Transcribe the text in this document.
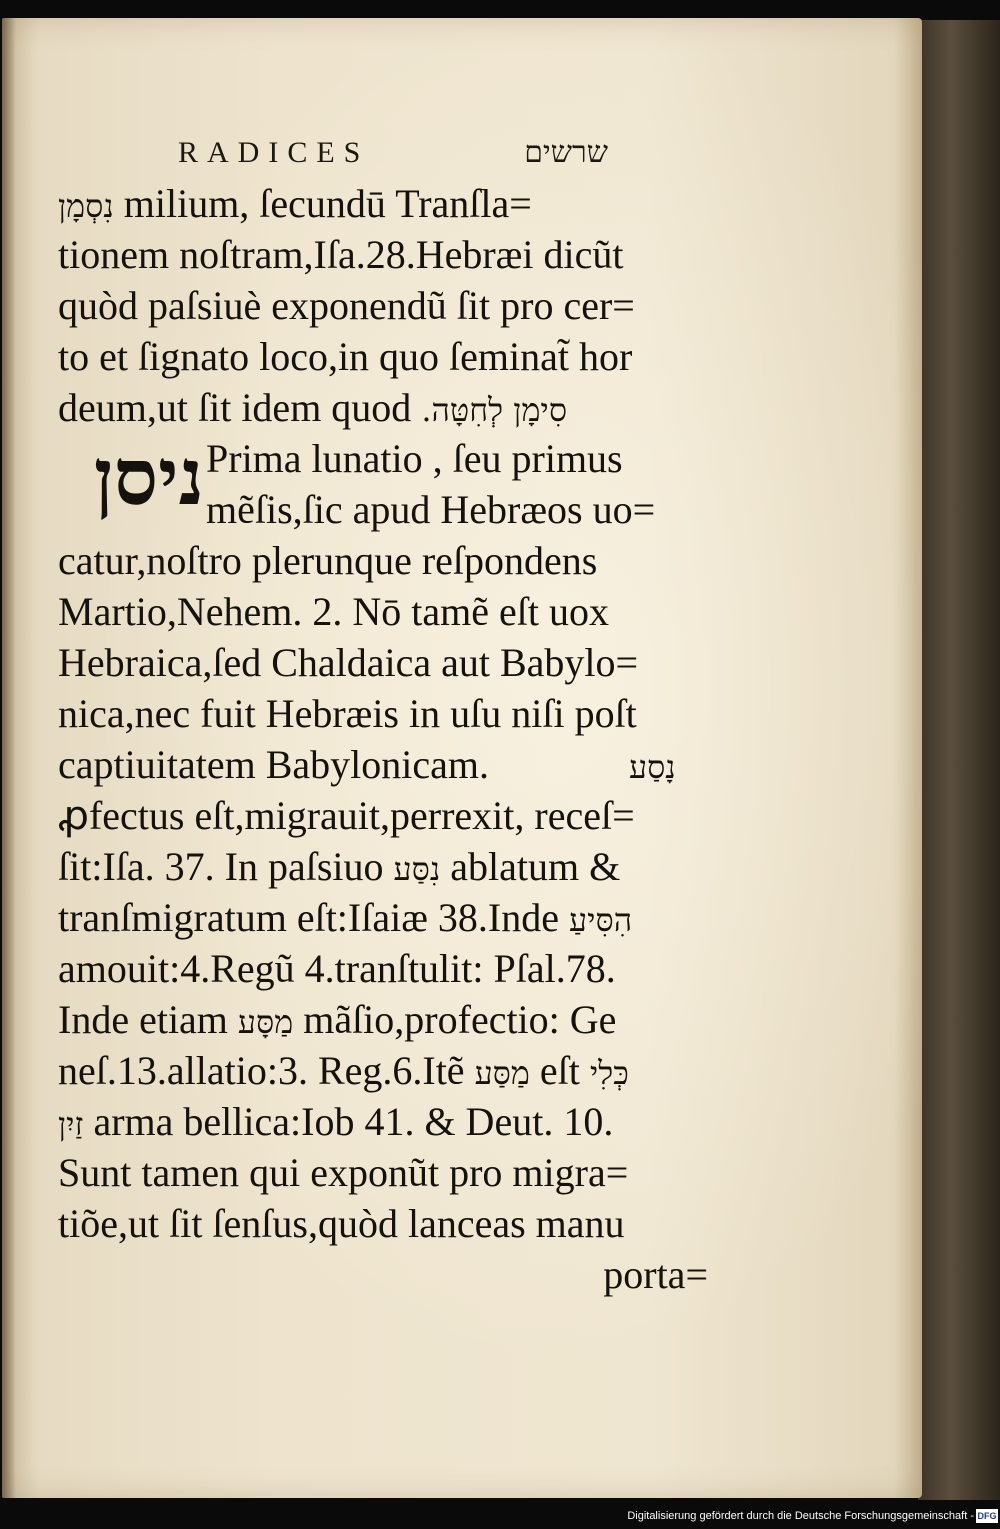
RADICES	שרשים
ניסן
נִסְמָן milium, ſecundū Tranſla=
tionem noſtram,Iſa.28.Hebræi dicũt
quòd paſsiuè exponendũ ſit pro cer=
to et ſignato loco,in quo ſeminat̃ hor
deum,ut ſit idem quod סִימָן לְחִטָּה.
Prima lunatio , ſeu primus
mẽſis,ſic apud Hebræos uo=
catur,noſtro plerunque reſpondens
Martio,Nehem. 2. Nō tamẽ eſt uox
Hebraica,ſed Chaldaica aut Babylo=
nica,nec fuit Hebræis in uſu niſi poſt
captiuitatem Babylonicam.	נָסַע
ꝓfectus eſt,migrauit,perrexit, receſ=
ſit:Iſa. 37. In paſsiuo נִסַּע ablatum &
tranſmigratum eſt:Iſaiæ 38.Inde הִסִּיעַ
amouit:4.Regũ 4.tranſtulit: Pſal.78.
Inde etiam מַסָּע mãſio,profectio: Ge
neſ.13.allatio:3. Reg.6.Itẽ מַסַּע eſt כְּלִי
זַיִן arma bellica:Iob 41. & Deut. 10.
Sunt tamen qui exponũt pro migra=
tiõe,ut ſit ſenſus,quòd lanceas manu
porta=
Digitalisierung gefördert durch die Deutsche Forschungsgemeinschaft - DFG
